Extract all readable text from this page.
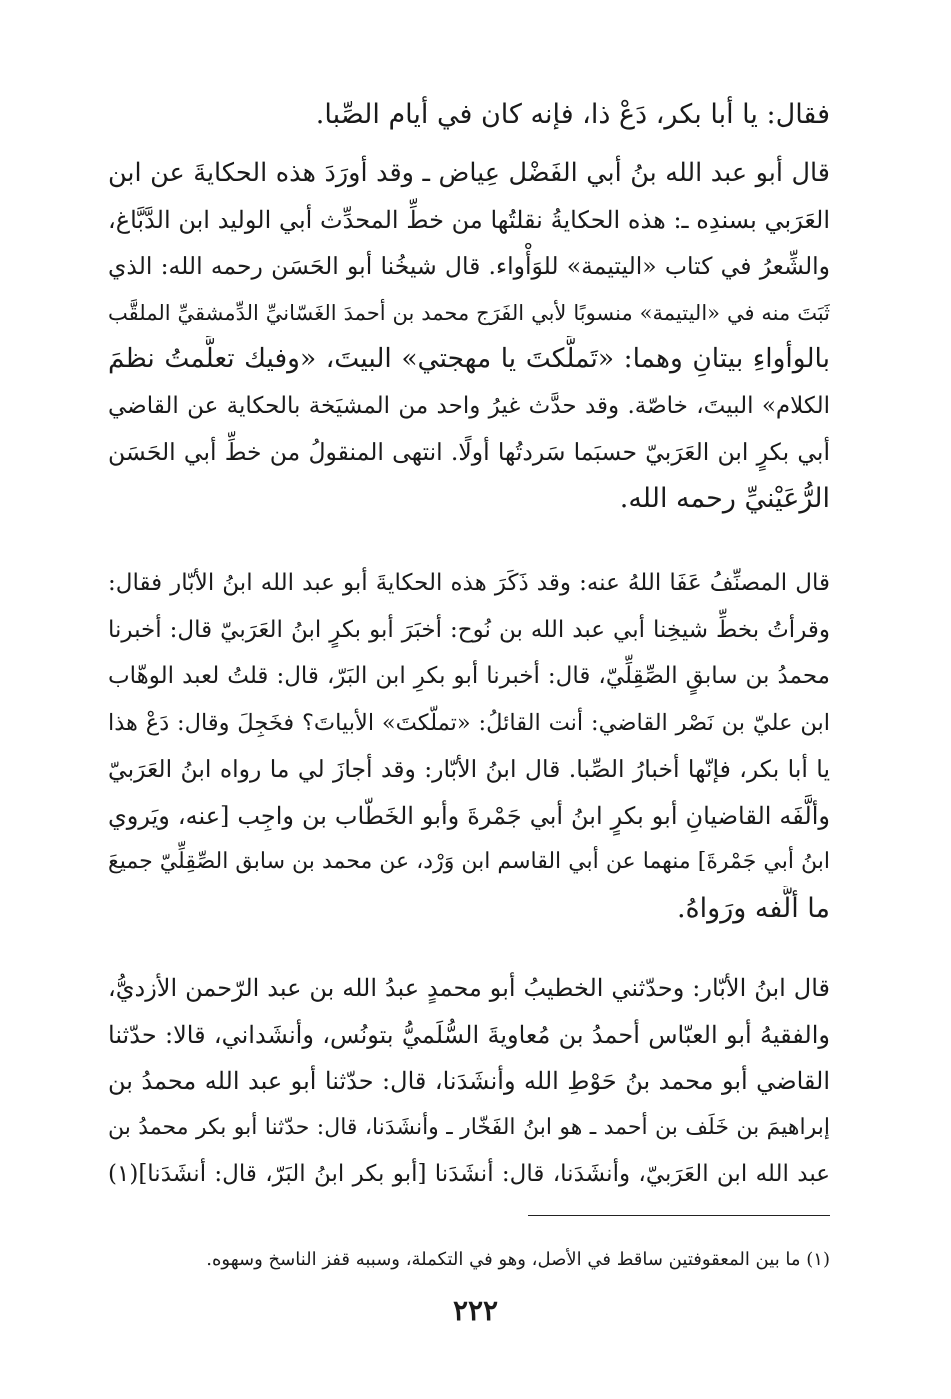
فقال: يا أبا بكر، دَعْ ذا، فإنه كان في أيام الصِّبا.
قال أبو عبد الله بنُ أبي الفَضْل عِياض ـ وقد أورَدَ هذه الحكايةَ عن ابن
العَرَبي بسندِه ـ: هذه الحكايةُ نقلتُها من خطِّ المحدِّث أبي الوليد ابن الدَّبَّاغ،
والشِّعرُ في كتاب «اليتيمة» للوَأْواء. قال شيخُنا أبو الحَسَن رحمه الله: الذي
ثَبَتَ منه في «اليتيمة» منسوبًا لأبي الفَرَج محمد بن أحمدَ الغَسّانيِّ الدِّمشقيِّ الملقَّب
بالوأواءِ بيتانِ وهما: «تَملَّكتَ يا مهجتي» البيتَ، «وفيك تعلَّمتُ نظمَ
الكلام» البيتَ، خاصّة. وقد حدَّث غيرُ واحد من المشيَخة بالحكاية عن القاضي
أبي بكرٍ ابن العَرَبيّ حسبَما سَردتُها أولًا. انتهى المنقولُ من خطِّ أبي الحَسَن
الرُّعَيْنيِّ رحمه الله.
قال المصنِّفُ عَفَا اللهُ عنه: وقد ذَكَرَ هذه الحكايةَ أبو عبد الله ابنُ الأبّار فقال:
وقرأتُ بخطِّ شيخِنا أبي عبد الله بن نُوح: أخبَرَ أبو بكرٍ ابنُ العَرَبيّ قال: أخبرنا
محمدُ بن سابقٍ الصِّقِلِّيّ، قال: أخبرنا أبو بكرِ ابن البَرّ، قال: قلتُ لعبد الوهّاب
ابن عليّ بن نَصْر القاضي: أنت القائلُ: «تملّكتَ» الأبياتَ؟ فخَجِلَ وقال: دَعْ هذا
يا أبا بكر، فإنّها أخبارُ الصِّبا. قال ابنُ الأبّار: وقد أجازَ لي ما رواه ابنُ العَرَبيّ
وألَّفَه القاضيانِ أبو بكرٍ ابنُ أبي جَمْرةَ وأبو الخَطّاب بن واجِب [عنه، ويَروي
ابنُ أبي جَمْرةَ] منهما عن أبي القاسم ابن وَرْد، عن محمد بن سابق الصِّقِلِّيّ جميعَ
ما ألَّفه ورَواهُ.
قال ابنُ الأبّار: وحدّثني الخطيبُ أبو محمدٍ عبدُ الله بن عبد الرّحمن الأزديُّ،
والفقيهُ أبو العبّاس أحمدُ بن مُعاويةَ السُّلَميُّ بتونُس، وأنشَداني، قالا: حدّثنا
القاضي أبو محمد بنُ حَوْطِ الله وأنشَدَنا، قال: حدّثنا أبو عبد الله محمدُ بن
إبراهيمَ بن خَلَف بن أحمد ـ هو ابنُ الفَخّار ـ وأنشَدَنا، قال: حدّثنا أبو بكر محمدُ بن
عبد الله ابن العَرَبيّ، وأنشَدَنا، قال: أنشَدَنا [أبو بكر ابنُ البَرّ، قال: أنشَدَنا](١)
(١) ما بين المعقوفتين ساقط في الأصل، وهو في التكملة، وسببه قفز الناسخ وسهوه.
٢٢٢
